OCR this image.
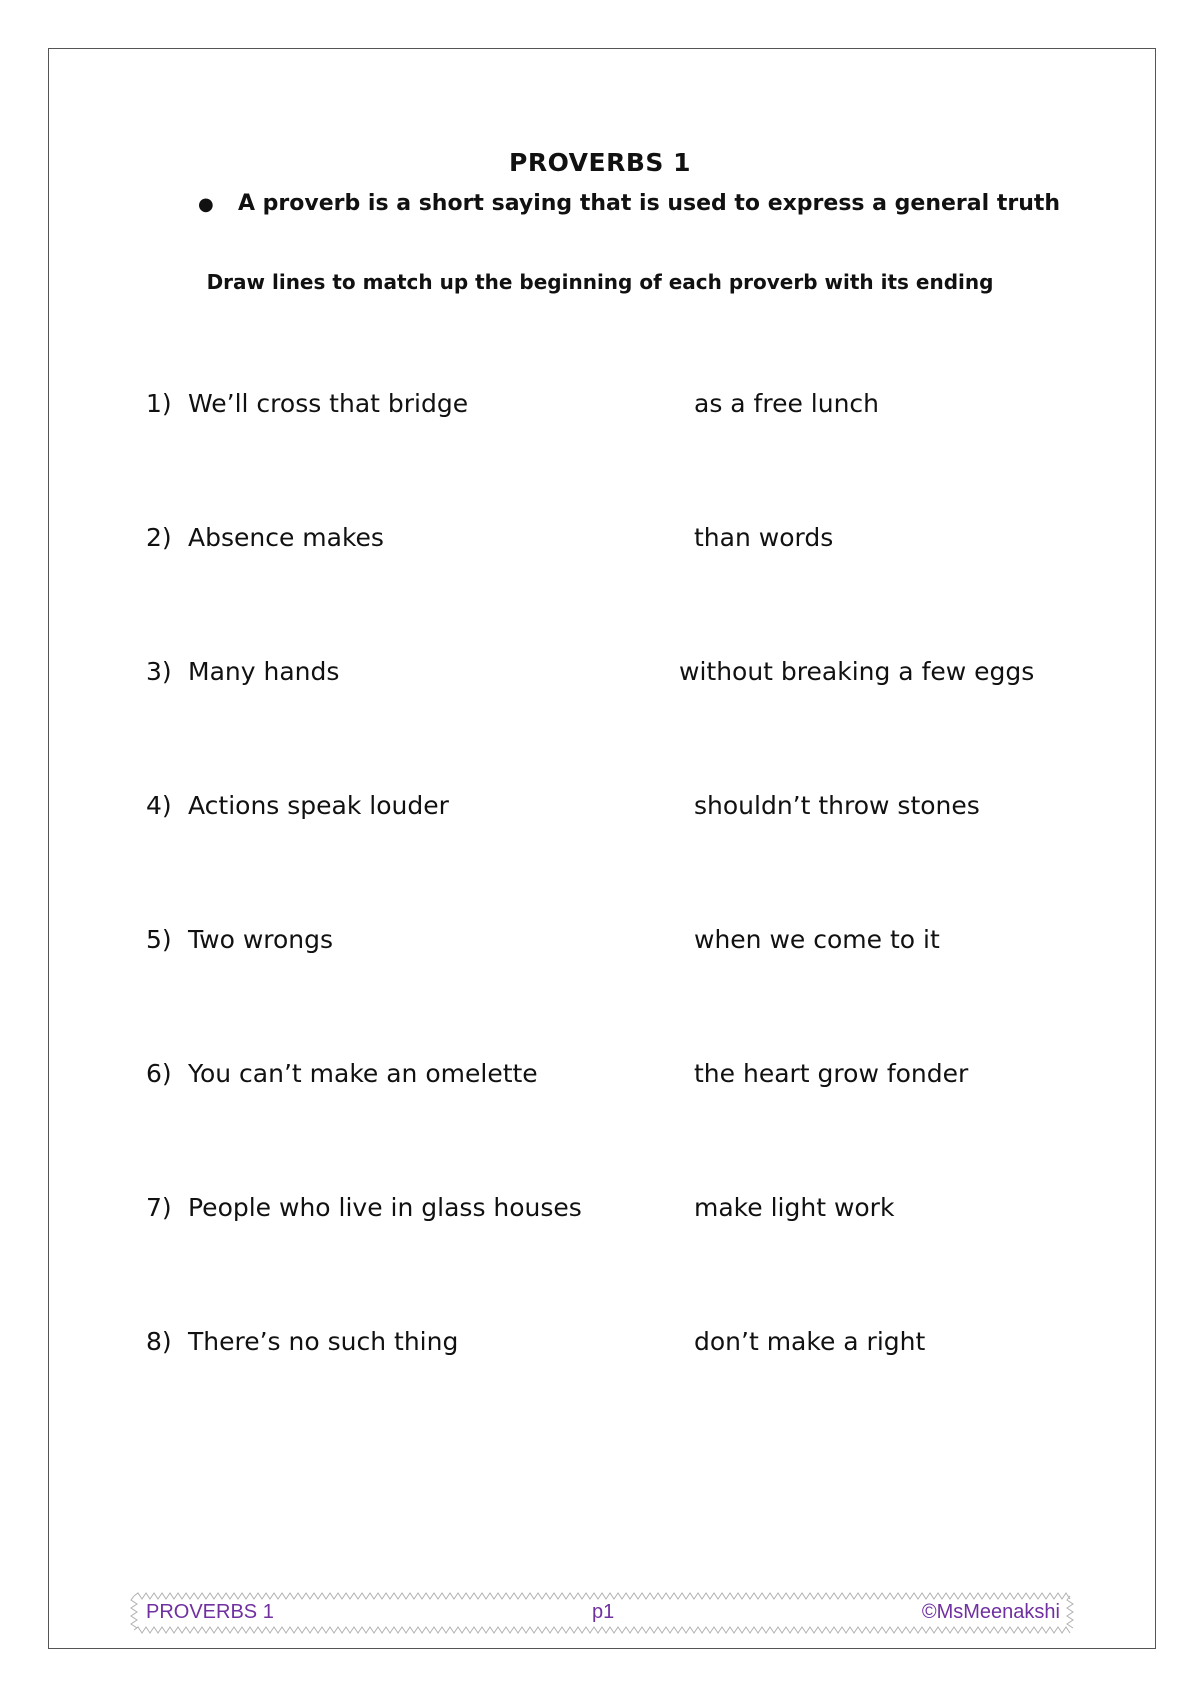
PROVERBS 1
● A proverb is a short saying that is used to express a general truth
Draw lines to match up the beginning of each proverb with its ending
1) We’ll cross that bridge	as a free lunch
2) Absence makes	than words
3) Many hands	without breaking a few eggs
4) Actions speak louder	shouldn’t throw stones
5) Two wrongs	when we come to it
6) You can’t make an omelette	the heart grow fonder
7) People who live in glass houses	make light work
8) There’s no such thing	don’t make a right
PROVERBS 1	p1	©MsMeenakshi
